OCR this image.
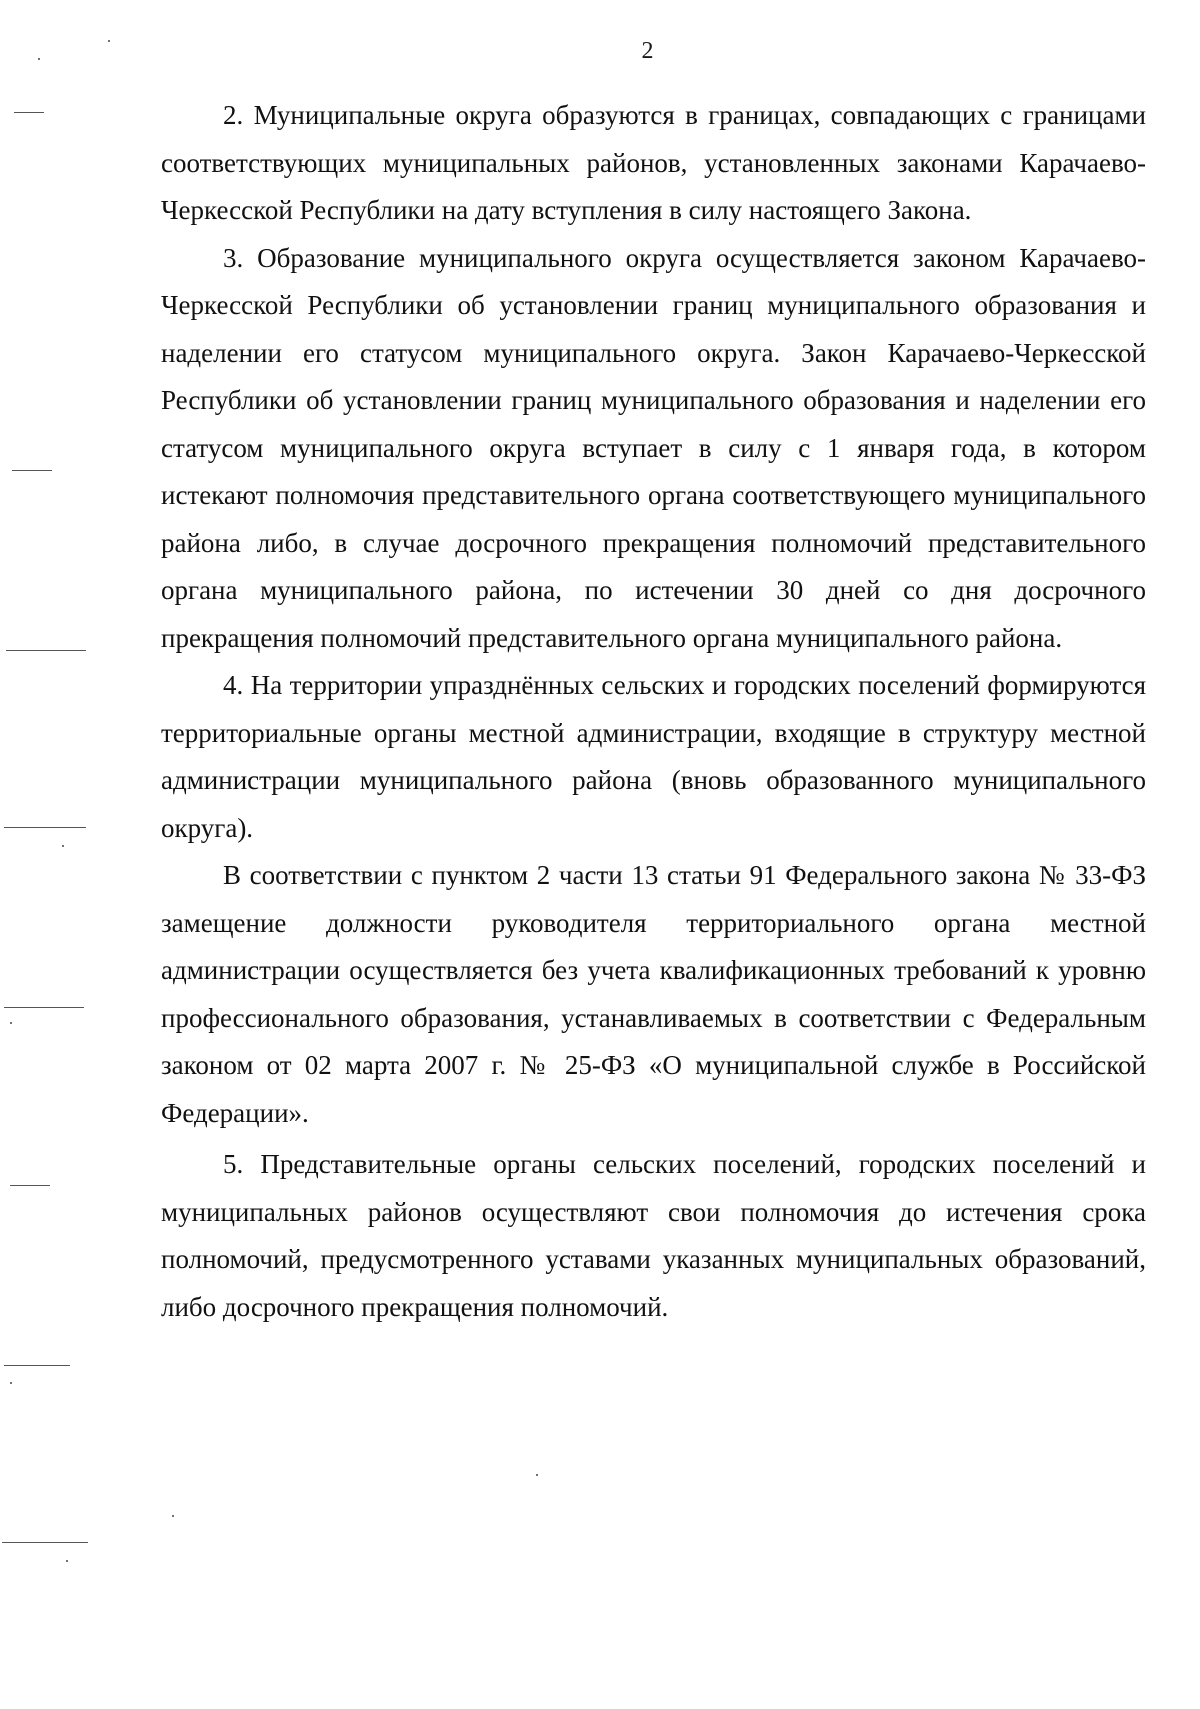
2

2. Муниципальные округа образуются в границах, совпадающих с границами соответствующих муниципальных районов, установленных законами Карачаево-Черкесской Республики на дату вступления в силу настоящего Закона.

3. Образование муниципального округа осуществляется законом Карачаево-Черкесской Республики об установлении границ муниципального образования и наделении его статусом муниципального округа. Закон Карачаево-Черкесской Республики об установлении границ муниципального образования и наделении его статусом муниципального округа вступает в силу с 1 января года, в котором истекают полномочия представительного органа соответствующего муниципального района либо, в случае досрочного прекращения полномочий представительного органа муниципального района, по истечении 30 дней со дня досрочного прекращения полномочий представительного органа муниципального района.

4. На территории упразднённых сельских и городских поселений формируются территориальные органы местной администрации, входящие в структуру местной администрации муниципального района (вновь образованного муниципального округа).

В соответствии с пунктом 2 части 13 статьи 91 Федерального закона № 33-ФЗ замещение должности руководителя территориального органа местной администрации осуществляется без учета квалификационных требований к уровню профессионального образования, устанавливаемых в соответствии с Федеральным законом от 02 марта 2007 г. № 25-ФЗ «О муниципальной службе в Российской Федерации».

5. Представительные органы сельских поселений, городских поселений и муниципальных районов осуществляют свои полномочия до истечения срока полномочий, предусмотренного уставами указанных муниципальных образований, либо досрочного прекращения полномочий.
